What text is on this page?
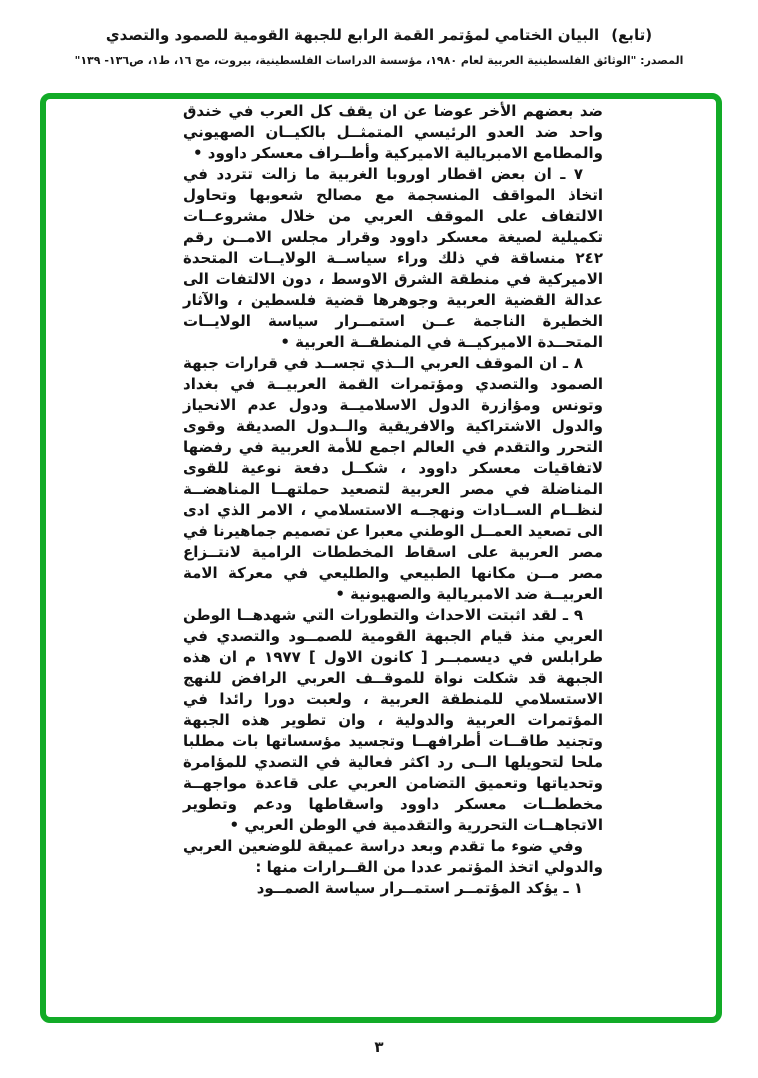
(تابع)البيان الختامي لمؤتمر القمة الرابع للجبهة القومية للصمود والتصدي
المصدر: "الوثائق الفلسطينية العربية لعام ١٩٨٠، مؤسسة الدراسات الفلسطينية، بيروت، مج ١٦، ط١، ص١٣٦- ١٣٩"

ضد بعضهم الأخر عوضا عن ان يقف كل العرب في خندق واحد ضد العدو الرئيسي المتمثــل بالكيــان الصهيوني والمطامع الامبريالية الاميركية وأطــراف معسكر داوود •

٧ ـ ان بعض اقطار اوروبا الغربية ما زالت تتردد في اتخاذ المواقف المنسجمة مع مصالح شعوبها وتحاول الالتفاف على الموقف العربي من خلال مشروعــات تكميلية لصيغة معسكر داوود وقرار مجلس الامــن رقم ٢٤٢ منساقة في ذلك وراء سياســة الولايــات المتحدة الاميركية في منطقة الشرق الاوسط ، دون الالتفات الى عدالة القضية العربية وجوهرها قضية فلسطين ، والآثار الخطيرة الناجمة عــن استمــرار سياسة الولايــات المتحــدة الاميركيــة في المنطقــة العربية •

٨ ـ ان الموقف العربي الــذي تجســد في قرارات جبهة الصمود والتصدي ومؤتمرات القمة العربيــة في بغداد وتونس ومؤازرة الدول الاسلاميــة ودول عدم الانحياز والدول الاشتراكية والافريقية والــدول الصديقة وقوى التحرر والتقدم في العالم اجمع للأمة العربية في رفضها لاتفاقيات معسكر داوود ، شكــل دفعة نوعية للقوى المناضلة في مصر العربية لتصعيد حملتهــا المناهضــة لنظــام الســادات ونهجــه الاستسلامي ، الامر الذي ادى الى تصعيد العمــل الوطني معبرا عن تصميم جماهيرنا في مصر العربية على اسقاط المخططات الرامية لانتــزاع مصر مــن مكانها الطبيعي والطليعي في معركة الامة العربيــة ضد الامبريالية والصهيونية •

٩ ـ لقد اثبتت الاحداث والتطورات التي شهدهــا الوطن العربي منذ قيام الجبهة القومية للصمــود والتصدي في طرابلس في ديسمبــر [ كانون الاول ] ١٩٧٧ م ان هذه الجبهة قد شكلت نواة للموقــف العربي الرافض للنهج الاستسلامي للمنطقة العربية ، ولعبت دورا رائدا في المؤتمرات العربية والدولية ، وان تطوير هذه الجبهة وتجنيد طاقــات أطرافهــا وتجسيد مؤسساتها بات مطلبا ملحا لتحويلها الــى رد اكثر فعالية في التصدي للمؤامرة وتحدياتها وتعميق التضامن العربي على قاعدة مواجهــة مخططــات معسكر داوود واسقاطها ودعم وتطوير الاتجاهــات التحررية والتقدمية في الوطن العربي •

وفي ضوء ما تقدم وبعد دراسة عميقة للوضعين العربي والدولي اتخذ المؤتمر عددا من القــرارات منها :

١ ـ يؤكد المؤتمــر استمــرار سياسة الصمــود

٣
